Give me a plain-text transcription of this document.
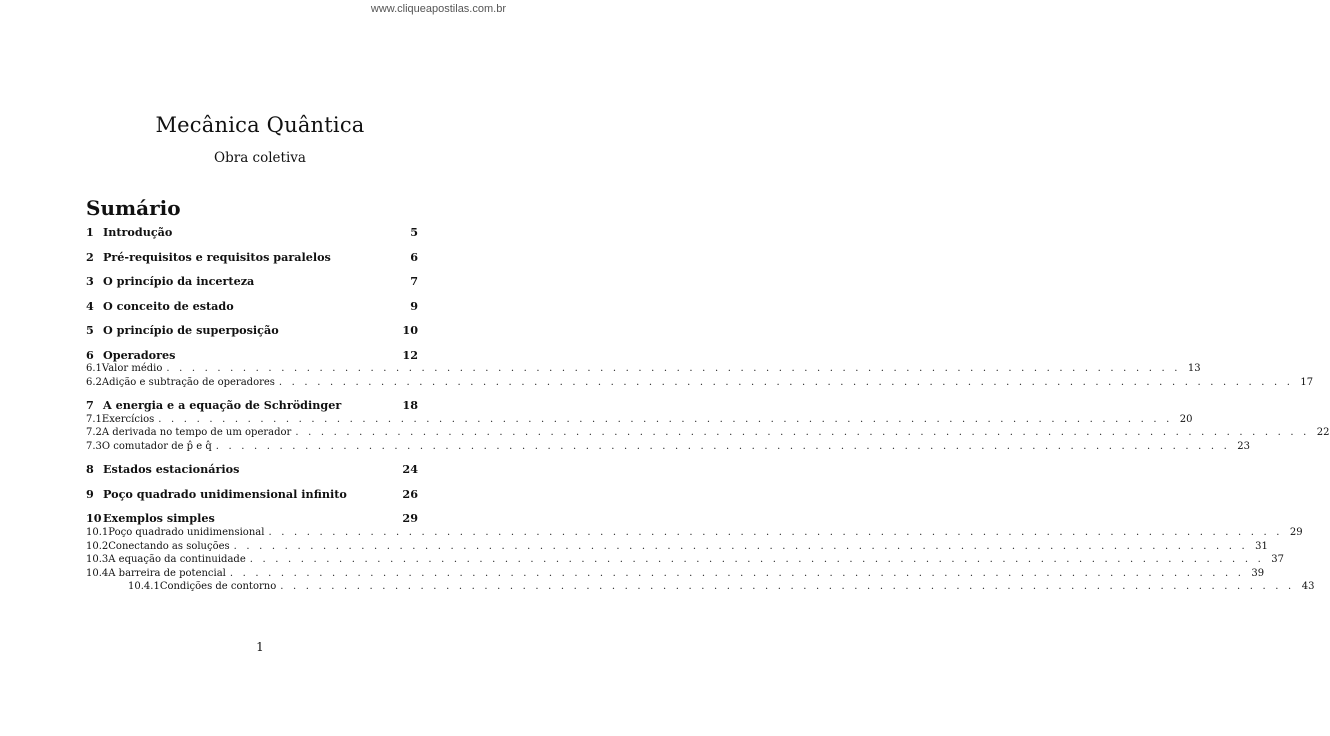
www.cliqueapostilas.com.br
Mecânica Quântica
Obra coletiva
Sumário
1 Introdução	5
2 Pré-requisitos e requisitos paralelos	6
3 O princípio da incerteza	7
4 O conceito de estado	9
5 O princípio de superposição	10
6 Operadores	12
6.1 Valor médio . . . . . . . . . . . . . . . . . . . . . . . . . . . . . . . . . . . . . . . . . . . . . . . . . . . . . . . . . . . . . . . . . . . . . . . . . . . . . . . . 13
6.2 Adição e subtração de operadores . . . . . . . . . . . . . . . . . . . . . . . . . . . . . . . . . . . . . . . . . . . . . . . . . . . . . . . . . . . . . . . . . . . . . . . . . . . . . . . . 17
7 A energia e a equação de Schrödinger	18
7.1 Exercícios . . . . . . . . . . . . . . . . . . . . . . . . . . . . . . . . . . . . . . . . . . . . . . . . . . . . . . . . . . . . . . . . . . . . . . . . . . . . . . . . 20
7.2 A derivada no tempo de um operador . . . . . . . . . . . . . . . . . . . . . . . . . . . . . . . . . . . . . . . . . . . . . . . . . . . . . . . . . . . . . . . . . . . . . . . . . . . . . . . . 22
7.3 O comutador de p̂ e q̂ . . . . . . . . . . . . . . . . . . . . . . . . . . . . . . . . . . . . . . . . . . . . . . . . . . . . . . . . . . . . . . . . . . . . . . . . . . . . . . . . 23
8 Estados estacionários	24
9 Poço quadrado unidimensional infinito	26
10 Exemplos simples	29
10.1 Poço quadrado unidimensional . . . . . . . . . . . . . . . . . . . . . . . . . . . . . . . . . . . . . . . . . . . . . . . . . . . . . . . . . . . . . . . . . . . . . . . . . . . . . . . . 29
10.2 Conectando as soluções . . . . . . . . . . . . . . . . . . . . . . . . . . . . . . . . . . . . . . . . . . . . . . . . . . . . . . . . . . . . . . . . . . . . . . . . . . . . . . . . 31
10.3 A equação da continuidade . . . . . . . . . . . . . . . . . . . . . . . . . . . . . . . . . . . . . . . . . . . . . . . . . . . . . . . . . . . . . . . . . . . . . . . . . . . . . . . . 37
10.4 A barreira de potencial . . . . . . . . . . . . . . . . . . . . . . . . . . . . . . . . . . . . . . . . . . . . . . . . . . . . . . . . . . . . . . . . . . . . . . . . . . . . . . . . 39
10.4.1 Condições de contorno . . . . . . . . . . . . . . . . . . . . . . . . . . . . . . . . . . . . . . . . . . . . . . . . . . . . . . . . . . . . . . . . . . . . . . . . . . . . . . . . 43
1
